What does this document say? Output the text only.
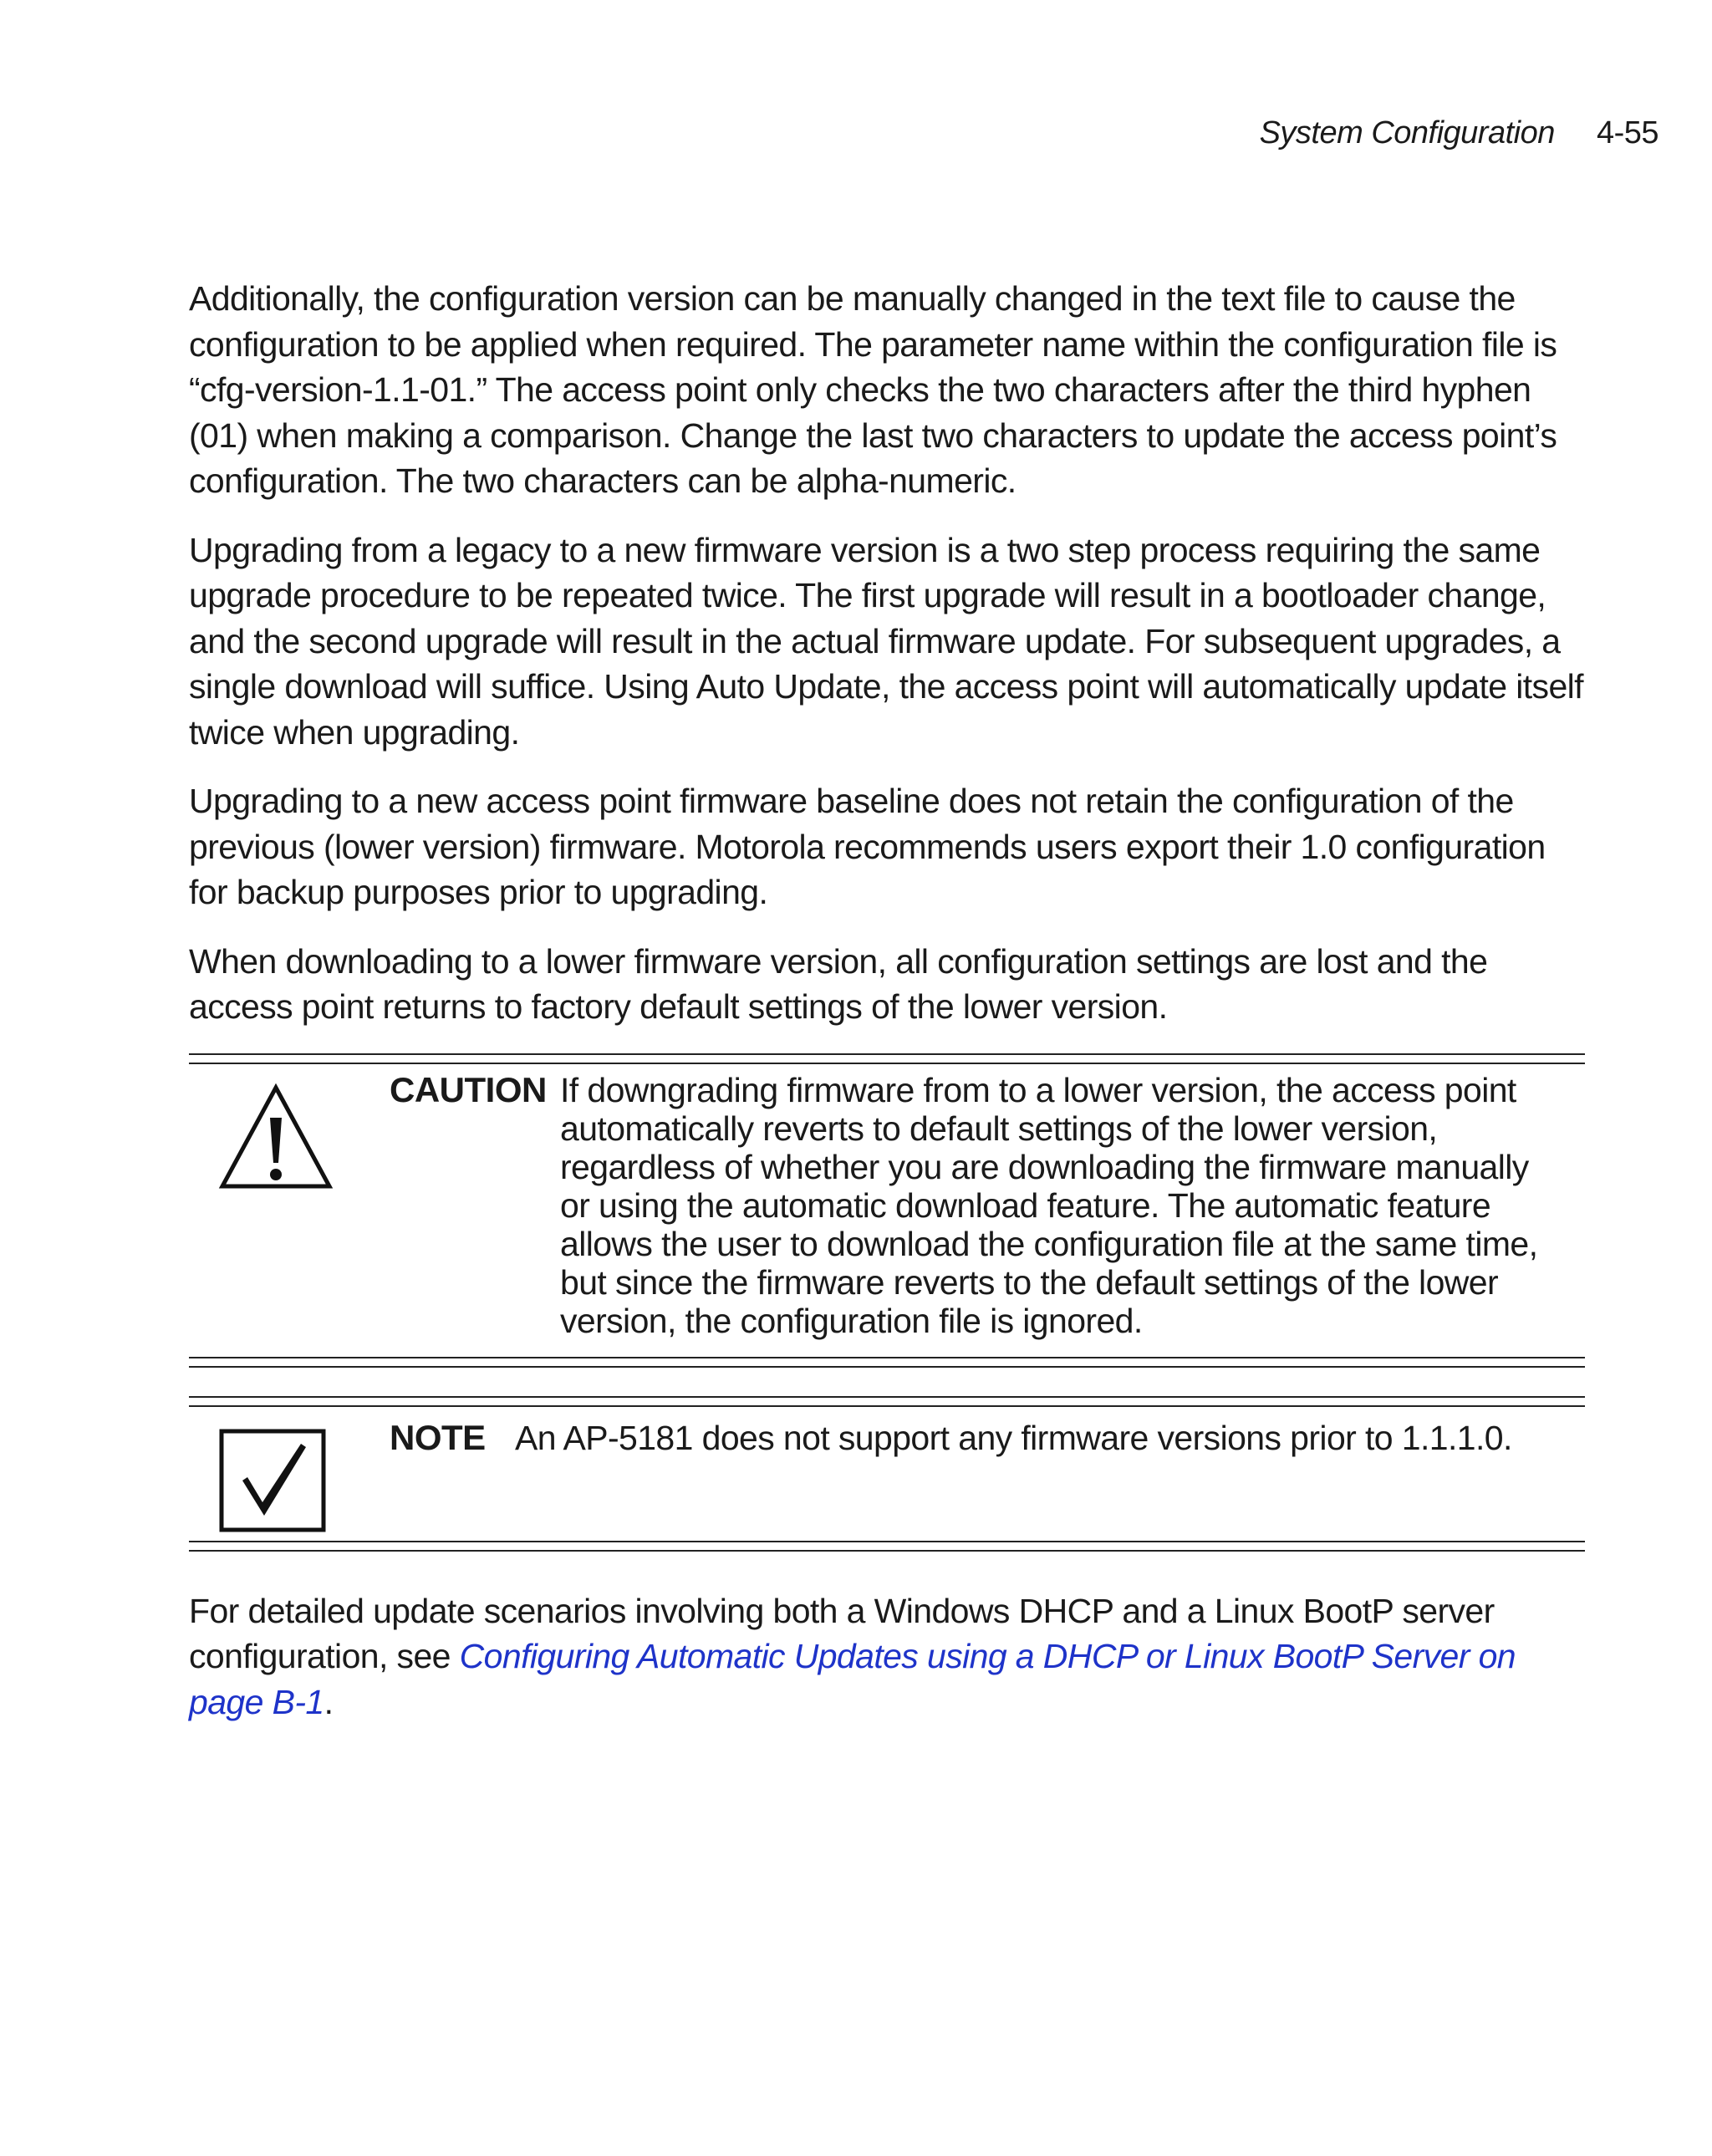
System Configuration 4-55

Additionally, the configuration version can be manually changed in the text file to cause the configuration to be applied when required. The parameter name within the configuration file is “cfg-version-1.1-01.” The access point only checks the two characters after the third hyphen (01) when making a comparison. Change the last two characters to update the access point’s configuration. The two characters can be alpha-numeric.

Upgrading from a legacy to a new firmware version is a two step process requiring the same upgrade procedure to be repeated twice. The first upgrade will result in a bootloader change, and the second upgrade will result in the actual firmware update. For subsequent upgrades, a single download will suffice. Using Auto Update, the access point will automatically update itself twice when upgrading.

Upgrading to a new access point firmware baseline does not retain the configuration of the previous (lower version) firmware. Motorola recommends users export their 1.0 configuration for backup purposes prior to upgrading.

When downloading to a lower firmware version, all configuration settings are lost and the access point returns to factory default settings of the lower version.

CAUTION If downgrading firmware from to a lower version, the access point automatically reverts to default settings of the lower version, regardless of whether you are downloading the firmware manually or using the automatic download feature. The automatic feature allows the user to download the configuration file at the same time, but since the firmware reverts to the default settings of the lower version, the configuration file is ignored.
NOTE An AP-5181 does not support any firmware versions prior to 1.1.1.0.

For detailed update scenarios involving both a Windows DHCP and a Linux BootP server configuration, see Configuring Automatic Updates using a DHCP or Linux BootP Server on page B-1.
